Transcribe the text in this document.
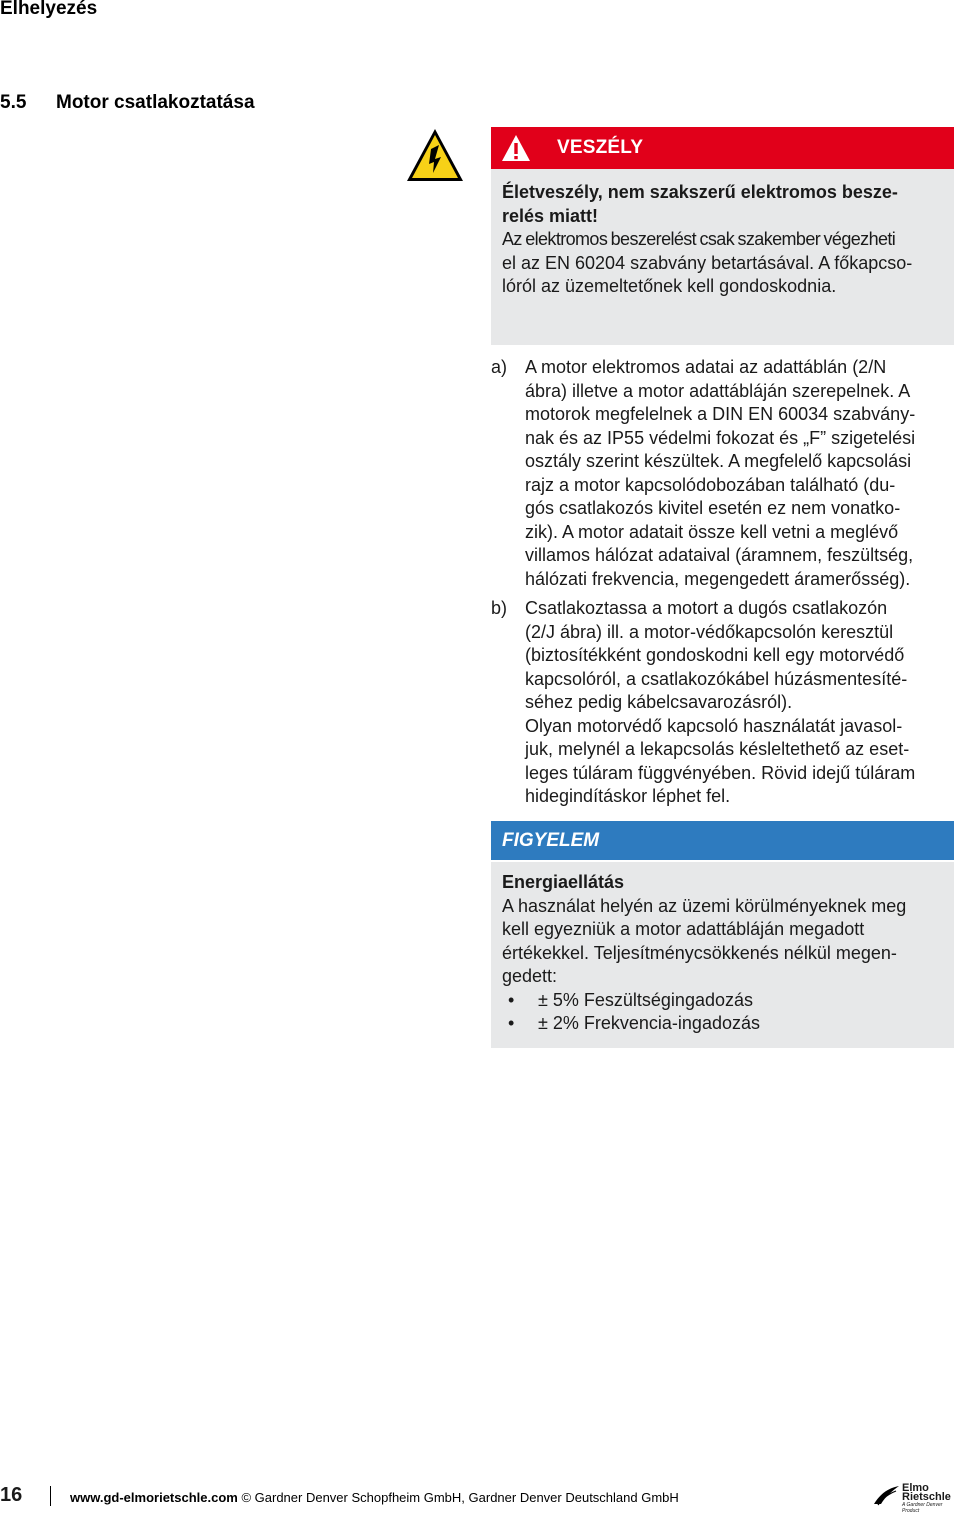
Elhelyezés
5.5 Motor csatlakoztatása
VESZÉLY
Életveszély, nem szakszerű elektromos besze-
relés miatt!
Az elektromos beszerelést csak szakember végezheti
el az EN 60204 szabvány betartásával. A főkapcso-
lóról az üzemeltetőnek kell gondoskodnia.
a) A motor elektromos adatai az adattáblán (2/N
ábra) illetve a motor adattábláján szerepelnek. A
motorok megfelelnek a DIN EN 60034 szabvány-
nak és az IP55 védelmi fokozat és „F” szigetelési
osztály szerint készültek. A megfelelő kapcsolási
rajz a motor kapcsolódobozában található (du-
gós csatlakozós kivitel esetén ez nem vonatko-
zik). A motor adatait össze kell vetni a meglévő
villamos hálózat adataival (áramnem, feszültség,
hálózati frekvencia, megengedett áramerősség).
b) Csatlakoztassa a motort a dugós csatlakozón
(2/J ábra) ill. a motor-védőkapcsolón keresztül
(biztosítékként gondoskodni kell egy motorvédő
kapcsolóról, a csatlakozókábel húzásmentesíté-
séhez pedig kábelcsavarozásról).
Olyan motorvédő kapcsoló használatát javasol-
juk, melynél a lekapcsolás késleltethető az eset-
leges túláram függvényében. Rövid idejű túláram
hidegindításkor léphet fel.
FIGYELEM
Energiaellátás
A használat helyén az üzemi körülményeknek meg
kell egyezniük a motor adattábláján megadott
értékekkel. Teljesítménycsökkenés nélkül megen-
gedett:
•	± 5% Feszültségingadozás
•	± 2% Frekvencia-ingadozás
16	www.gd-elmorietschle.com © Gardner Denver Schopfheim GmbH, Gardner Denver Deutschland GmbH
Elmo
Rietschle
A Gardner Denver Product
